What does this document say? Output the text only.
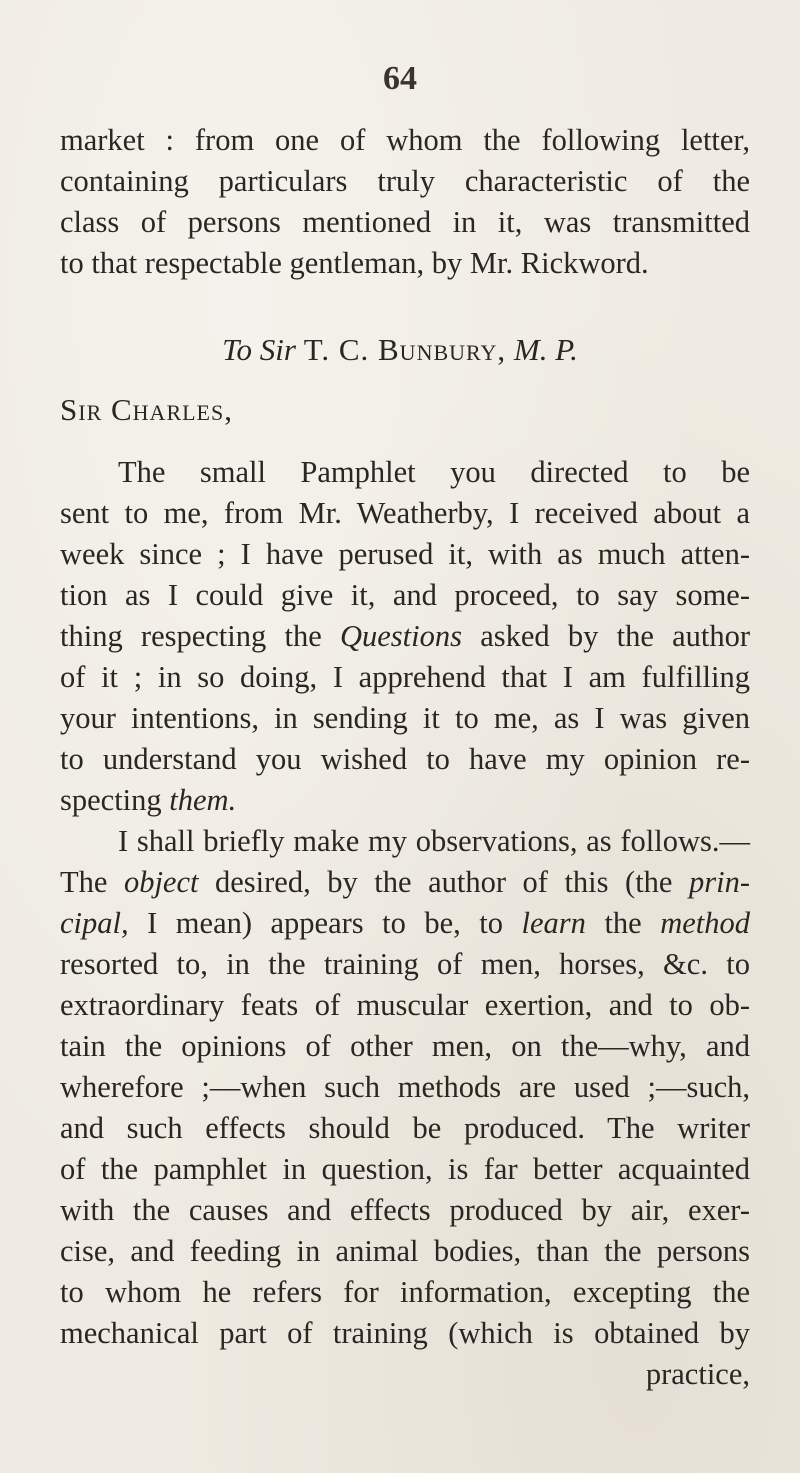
64
market : from one of whom the following letter,
containing particulars truly characteristic of the
class of persons mentioned in it, was transmitted
to that respectable gentleman, by Mr. Rickword.
To Sir T. C. Bunbury, M. P.
Sir Charles,
The small Pamphlet you directed to be
sent to me, from Mr. Weatherby, I received about a
week since ; I have perused it, with as much atten-
tion as I could give it, and proceed, to say some-
thing respecting the Questions asked by the author
of it ; in so doing, I apprehend that I am fulfilling
your intentions, in sending it to me, as I was given
to understand you wished to have my opinion re-
specting them.
I shall briefly make my observations, as follows.—
The object desired, by the author of this (the prin-
cipal, I mean) appears to be, to learn the method
resorted to, in the training of men, horses, &c. to
extraordinary feats of muscular exertion, and to ob-
tain the opinions of other men, on the—why, and
wherefore ;—when such methods are used ;—such,
and such effects should be produced. The writer
of the pamphlet in question, is far better acquainted
with the causes and effects produced by air, exer-
cise, and feeding in animal bodies, than the persons
to whom he refers for information, excepting the
mechanical part of training (which is obtained by
practice,
